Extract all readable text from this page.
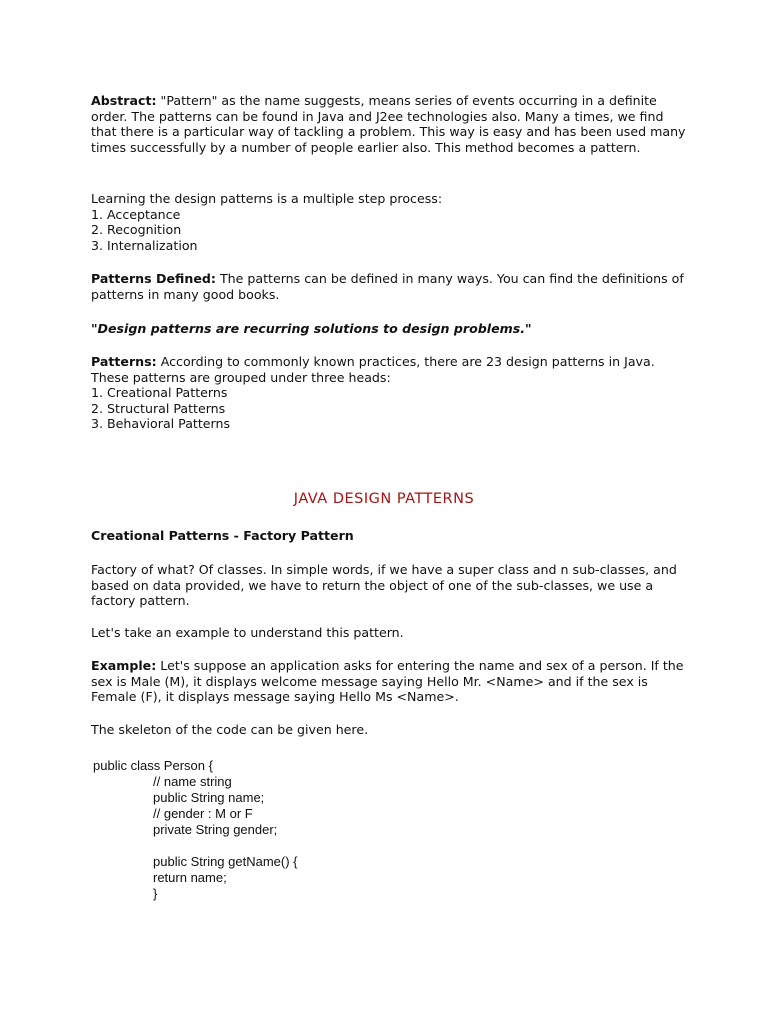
Abstract: "Pattern" as the name suggests, means series of events occurring in a definite order. The patterns can be found in Java and J2ee technologies also. Many a times, we find that there is a particular way of tackling a problem. This way is easy and has been used many times successfully by a number of people earlier also. This method becomes a pattern.

Learning the design patterns is a multiple step process:

1. Acceptance

2. Recognition

3. Internalization

Patterns Defined: The patterns can be defined in many ways. You can find the definitions of patterns in many good books.

"Design patterns are recurring solutions to design problems."

Patterns: According to commonly known practices, there are 23 design patterns in Java. These patterns are grouped under three heads:

1. Creational Patterns

2. Structural Patterns

3. Behavioral Patterns

JAVA DESIGN PATTERNS

Creational Patterns - Factory Pattern

Factory of what? Of classes. In simple words, if we have a super class and n sub-classes, and based on data provided, we have to return the object of one of the sub-classes, we use a factory pattern.

Let's take an example to understand this pattern.

Example: Let's suppose an application asks for entering the name and sex of a person. If the sex is Male (M), it displays welcome message saying Hello Mr. <Name> and if the sex is Female (F), it displays message saying Hello Ms <Name>.

The skeleton of the code can be given here.

public class Person {
// name string
public String name;
// gender : M or F
private String gender;
public String getName() {
return name;
}
